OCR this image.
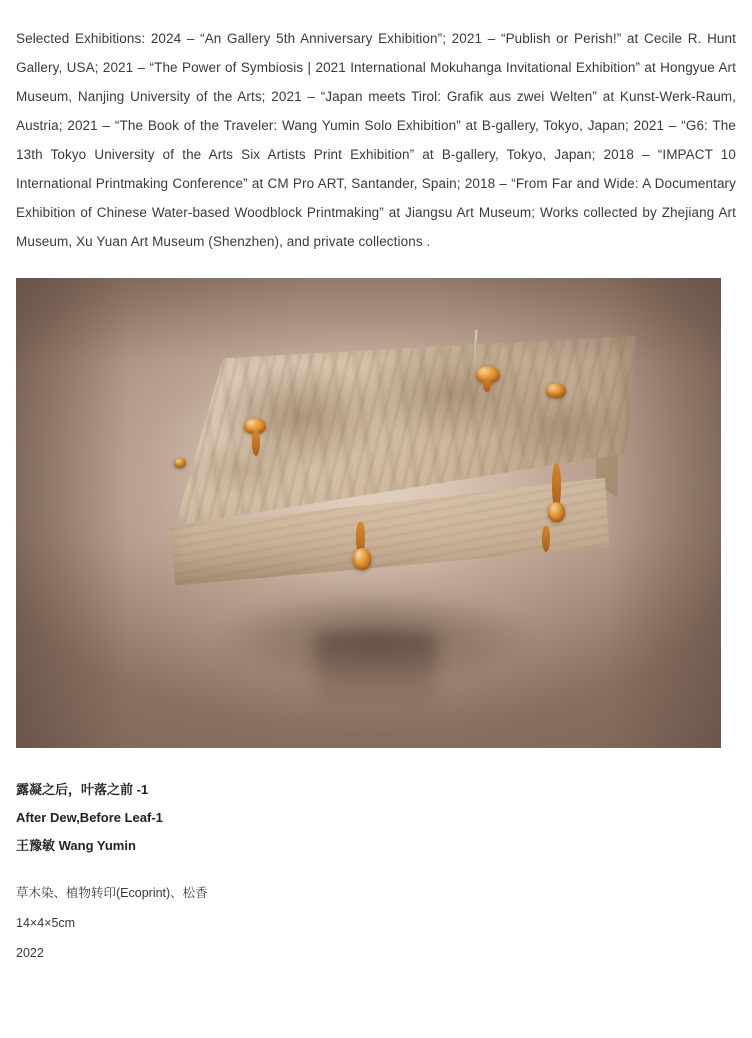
Selected Exhibitions: 2024 – “An Gallery 5th Anniversary Exhibition”; 2021 – “Publish or Perish!” at Cecile R. Hunt Gallery, USA; 2021 – “The Power of Symbiosis | 2021 International Mokuhanga Invitational Exhibition” at Hongyue Art Museum, Nanjing University of the Arts; 2021 – “Japan meets Tirol: Grafik aus zwei Welten” at Kunst-Werk-Raum, Austria; 2021 – “The Book of the Traveler: Wang Yumin Solo Exhibition” at B-gallery, Tokyo, Japan; 2021 – “G6: The 13th Tokyo University of the Arts Six Artists Print Exhibition” at B-gallery, Tokyo, Japan; 2018 – “IMPACT 10 International Printmaking Conference” at CM Pro ART, Santander, Spain; 2018 – “From Far and Wide: A Documentary Exhibition of Chinese Water-based Woodblock Printmaking” at Jiangsu Art Museum; Works collected by Zhejiang Art Museum, Xu Yuan Art Museum (Shenzhen), and private collections .

露凝之后，叶落之前 -1
After Dew,Before Leaf-1
王豫敏 Wang Yumin
草木染、植物转印(Ecoprint)、松香
14×4×5cm
2022
